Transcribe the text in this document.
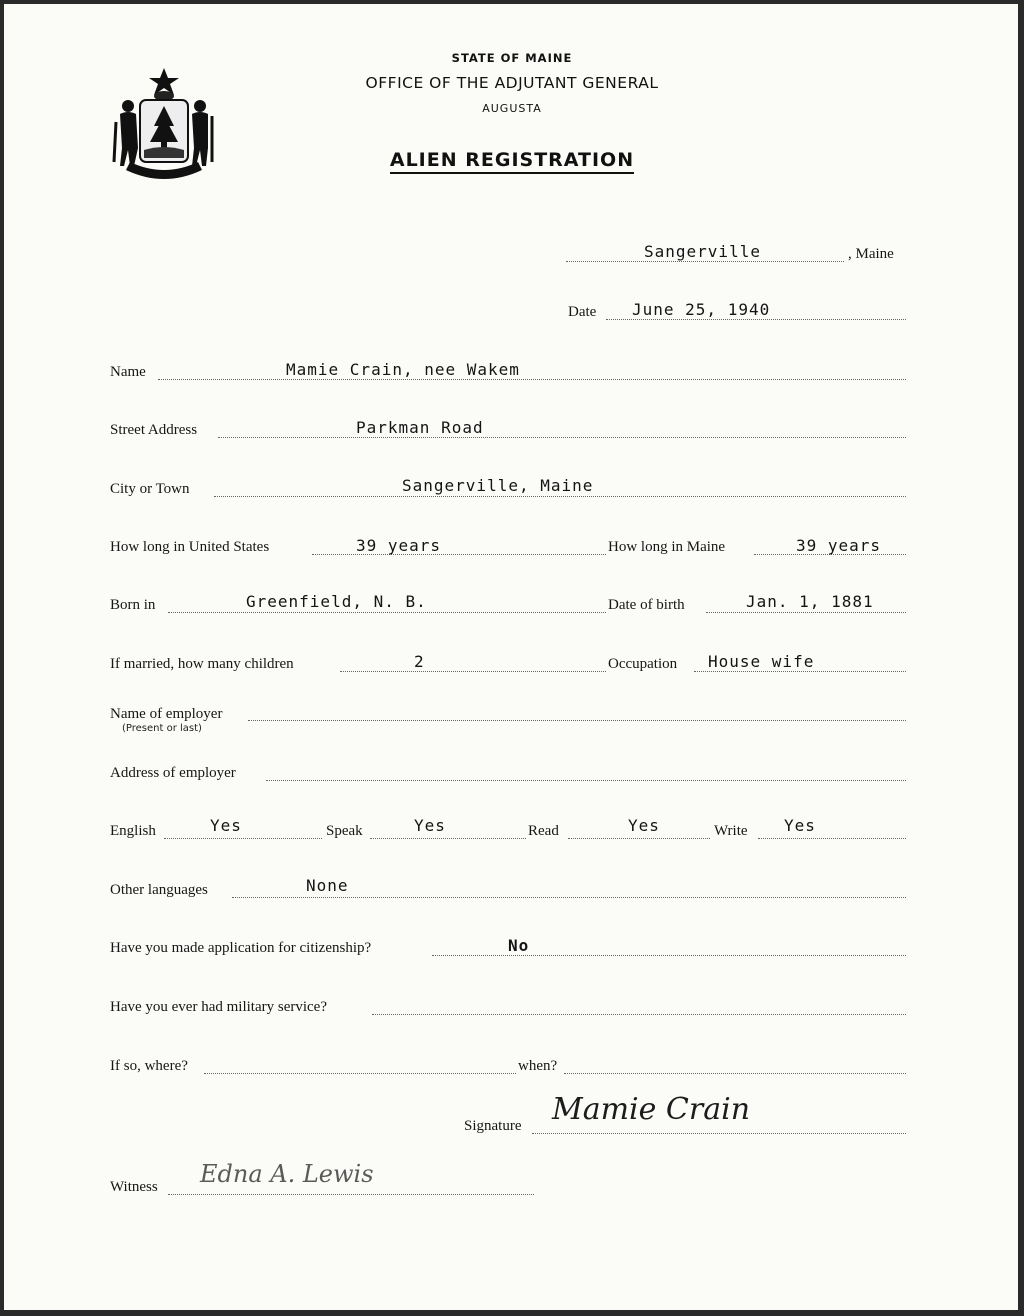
STATE OF MAINE
OFFICE OF THE ADJUTANT GENERAL
AUGUSTA
ALIEN REGISTRATION
Sangerville	, Maine
Date June 25, 1940
Name	Mamie Crain, nee Wakem
Street Address	Parkman Road
City or Town	Sangerville, Maine
How long in United States	39 years	How long in Maine	39 years
Born in	Greenfield, N. B.	Date of birth	Jan. 1, 1881
If married, how many children	2	Occupation House wife
Name of employer
(Present or last)
Address of employer
English	Yes	Speak	Yes	Read	Yes	Write Yes
Other languages	None
Have you made application for citizenship?	No
Have you ever had military service?
If so, where?	when?
Signature Mamie Crain
Witness Edna A. Lewis
